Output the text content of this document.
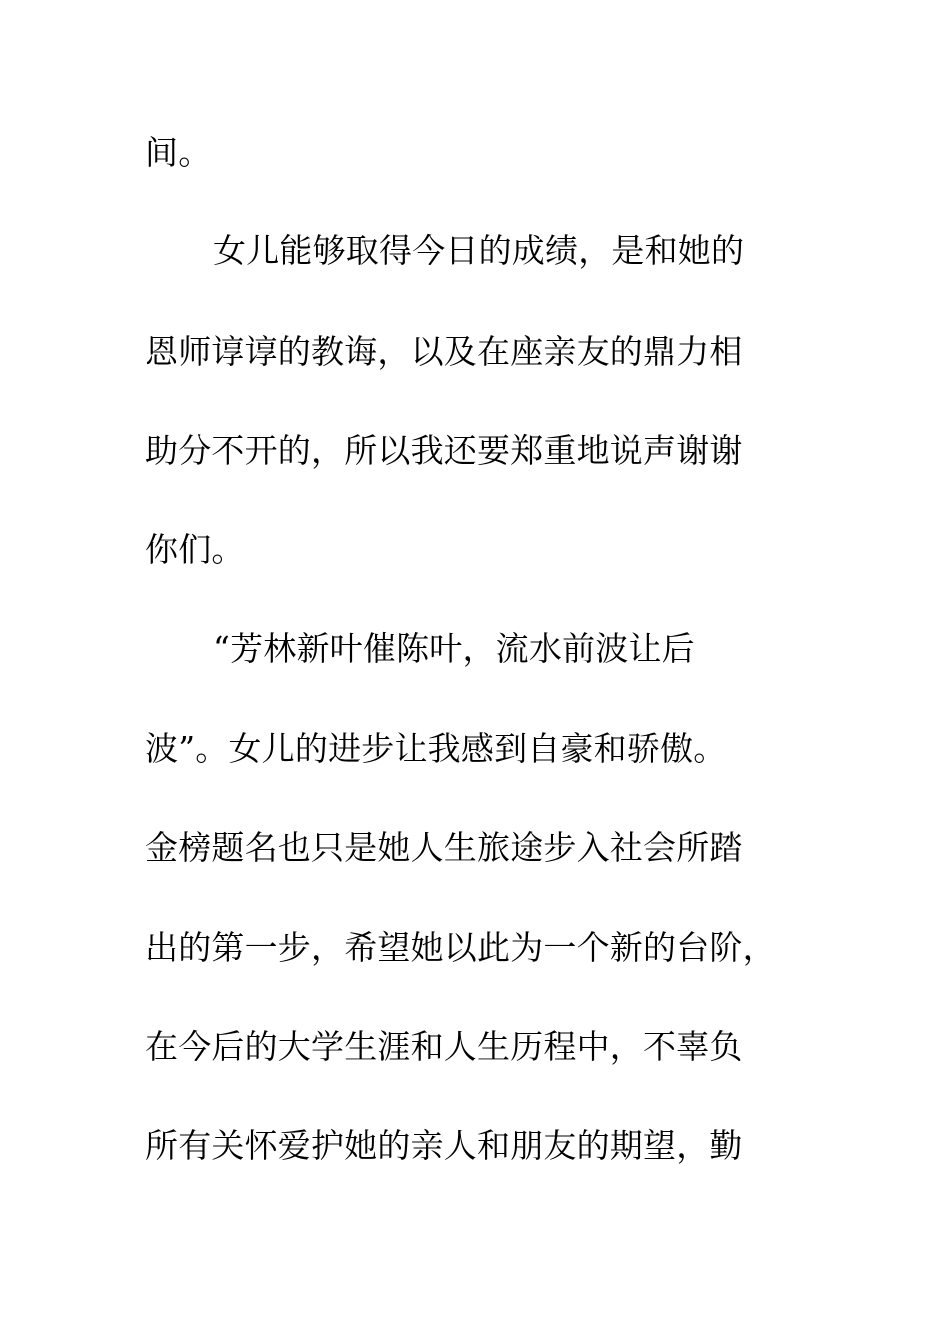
间。
女儿能够取得今日的成绩，是和她的
恩师谆谆的教诲，以及在座亲友的鼎力相
助分不开的，所以我还要郑重地说声谢谢
你们。
“芳林新叶催陈叶，流水前波让后
波”。女儿的进步让我感到自豪和骄傲。
金榜题名也只是她人生旅途步入社会所踏
出的第一步，希望她以此为一个新的台阶，
在今后的大学生涯和人生历程中，不辜负
所有关怀爱护她的亲人和朋友的期望，勤
